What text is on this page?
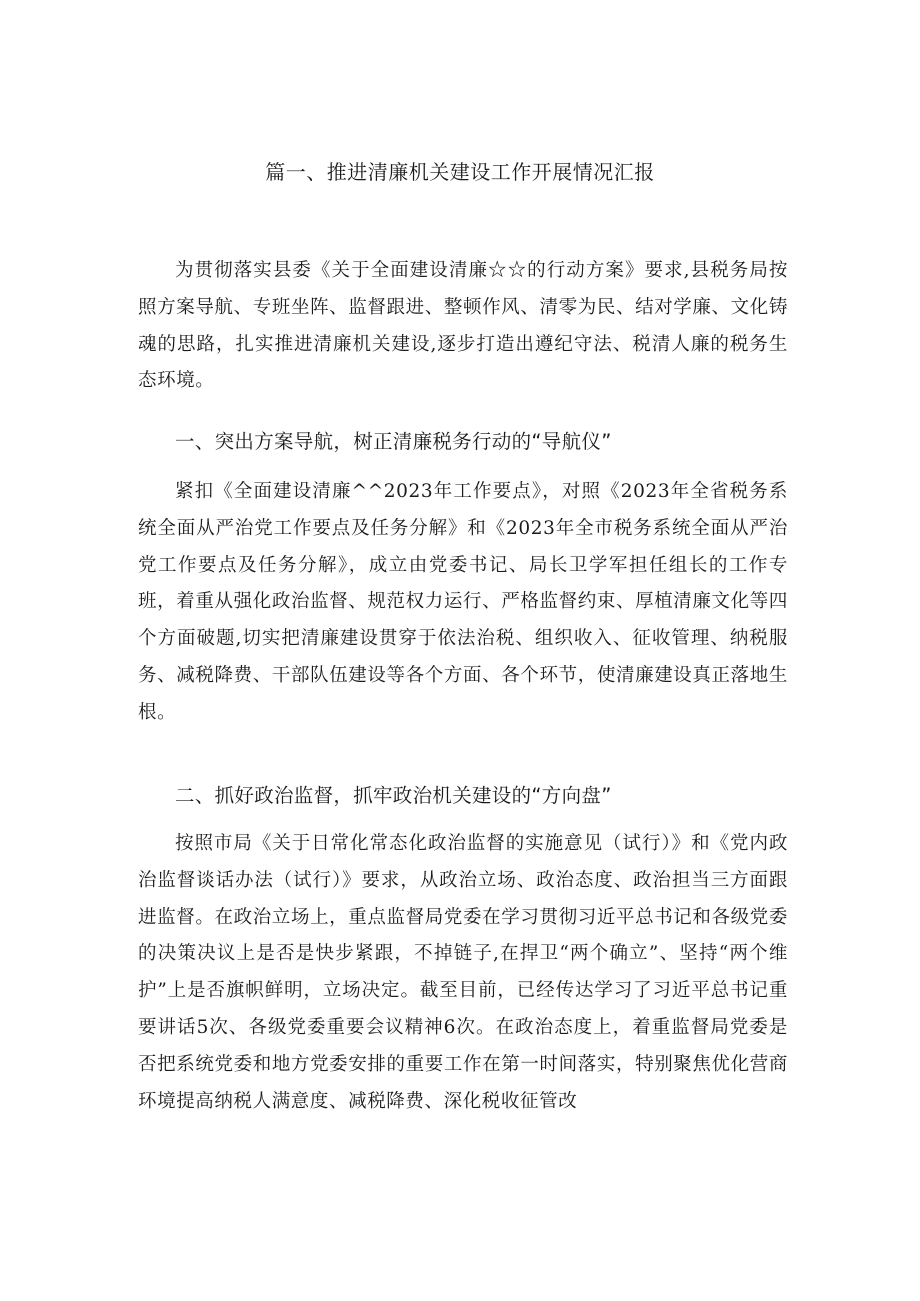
篇一、推进清廉机关建设工作开展情况汇报

为贯彻落实县委《关于全面建设清廉☆☆的行动方案》要求,县税务局按照方案导航、专班坐阵、监督跟进、整顿作风、清零为民、结对学廉、文化铸魂的思路，扎实推进清廉机关建设,逐步打造出遵纪守法、税清人廉的税务生态环境。

一、突出方案导航，树正清廉税务行动的“导航仪”

紧扣《全面建设清廉^^2023年工作要点》，对照《2023年全省税务系统全面从严治党工作要点及任务分解》和《2023年全市税务系统全面从严治党工作要点及任务分解》，成立由党委书记、局长卫学军担任组长的工作专班，着重从强化政治监督、规范权力运行、严格监督约束、厚植清廉文化等四个方面破题,切实把清廉建设贯穿于依法治税、组织收入、征收管理、纳税服务、减税降费、干部队伍建设等各个方面、各个环节，使清廉建设真正落地生根。

二、抓好政治监督，抓牢政治机关建设的“方向盘”

按照市局《关于日常化常态化政治监督的实施意见（试行）》和《党内政治监督谈话办法（试行）》要求，从政治立场、政治态度、政治担当三方面跟进监督。在政治立场上，重点监督局党委在学习贯彻习近平总书记和各级党委的决策决议上是否是快步紧跟，不掉链子,在捍卫“两个确立”、坚持“两个维护”上是否旗帜鲜明，立场决定。截至目前，已经传达学习了习近平总书记重要讲话5次、各级党委重要会议精神6次。在政治态度上，着重监督局党委是否把系统党委和地方党委安排的重要工作在第一时间落实，特别聚焦优化营商环境提高纳税人满意度、减税降费、深化税收征管改
